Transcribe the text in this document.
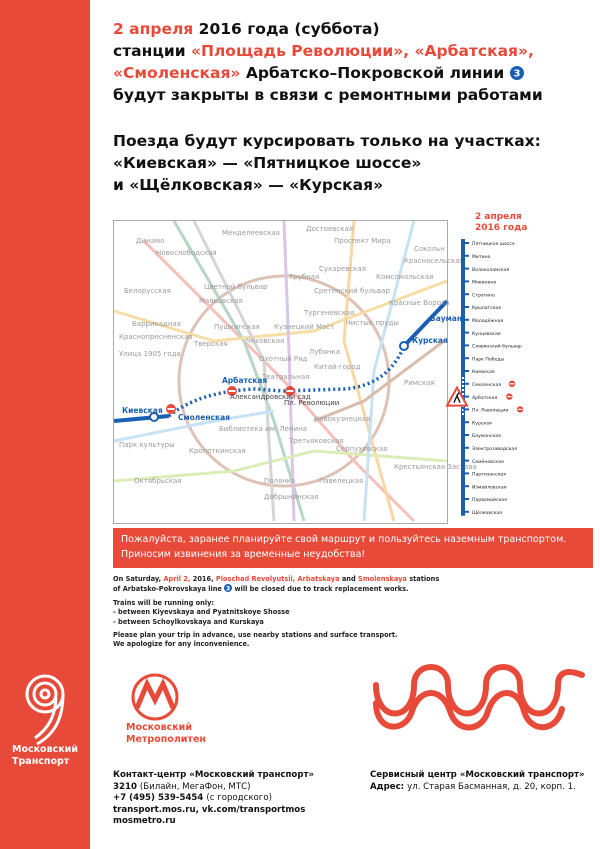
Московский
Транспорт
2 апреля 2016 года (суббота)
станции «Площадь Революции», «Арбатская»,
«Смоленская» Арбатско–Покровской линии 3
будут закрыты в связи с ремонтными работами
Поезда будут курсировать только на участках:
«Киевская» — «Пятницкое шоссе»
и «Щёлковская» — «Курская»
Менделеевская	Достоевская
Проспект Мира
Сокольн
Динамо
Новослободская
Красносельская
Цветной бульвар
Трубная
Сухаревская
Комсомольская
Белорусская
Маяковская
Сретенский бульвар
Красные Ворота
Баррикадная	Пушкинская
Тургеневская
Краснопресненская
Тверская
Кузнецкий Мост Чистые пруды
Чеховская
Улица 1905 года	Лубянка
Охотный Ряд
Китай-город
Театральная
Серпуховская
Библиотека им. Ленина
Новокузнецкая
Парк культуры
Кропоткинская
Третьяковская
Крестьянская Застава
Октябрьская
Добрынинская
Полянка	Павелецкая
Римская
Арбатская
Киевская
Смоленская
Курская
Бауман
Александровский сад
Пл. Революции
2 апреля
2016 года
Пятницкое шоссе
Митино
Волоколамская
Мякинино
Строгино
Крылатское
Молодёжная
Кунцевская
Славянский бульвар
Парк Победы
Киевская
Смоленская
Арбатская
Пл. Революции
Курская
Бауманская
Электрозаводская
Семёновская
Партизанская
Измайловская
Первомайская
Щёлковская
Пожалуйста, заранее планируйте свой маршрут и пользуйтесь наземным транспортом.
Приносим извинения за временные неудобства!

On Saturday, April 2, 2016, Ploschad Revolyutsii, Arbatskaya and Smolenskaya stations
of Arbatsko-Pokrovskaya line 3 will be closed due to track replacement works.

Trains will be running only:
- between Kiyevskaya and Pyatnitskoye Shosse
- between Schoylkovskaya and Kurskaya

Please plan your trip in advance, use nearby stations and surface transport.
We apologize for any inconvenience.

Московский
Метрополитен
Контакт-центр «Московский транспорт»
3210 (Билайн, МегаФон, МТС)
+7 (495) 539-5454 (с городского)
transport.mos.ru, vk.com/transportmos
mosmetro.ru
Сервисный центр «Московский транспорт»
Адрес: ул. Старая Басманная, д. 20, корп. 1.
